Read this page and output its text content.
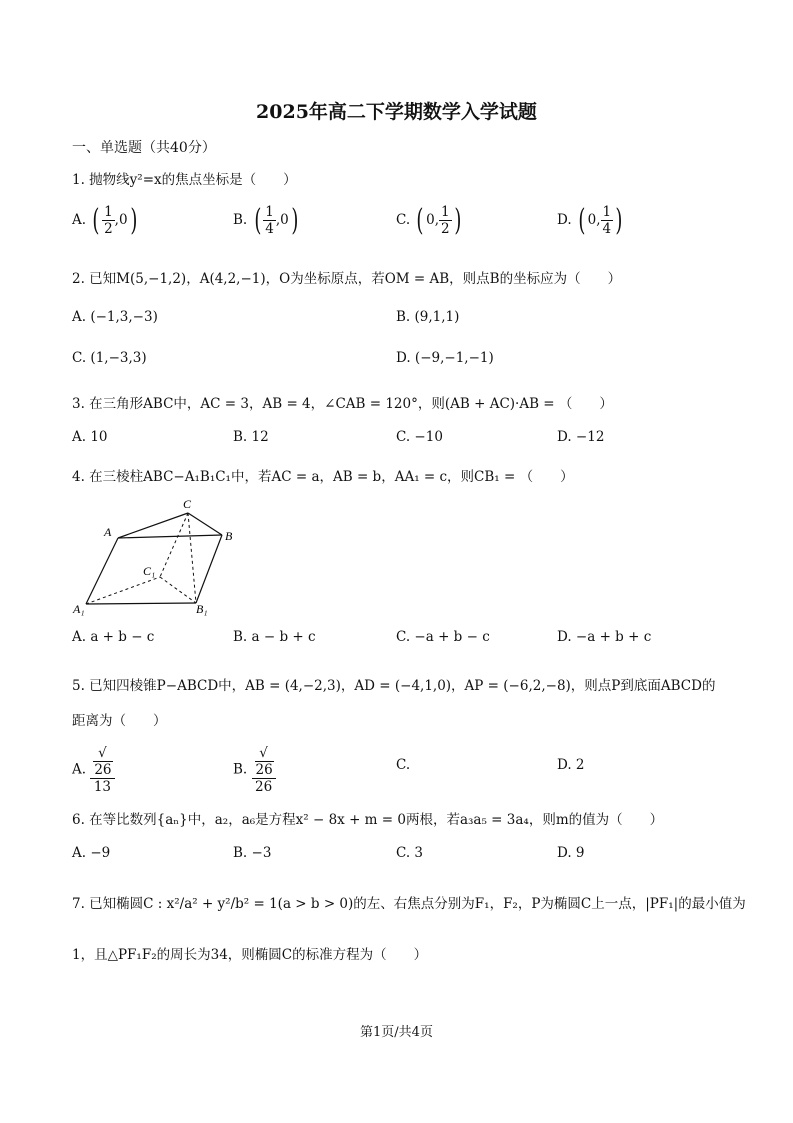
2025年高二下学期数学入学试题
一、单选题（共40分）
1. 抛物线y²=x的焦点坐标是（　　）
A. ( $\frac{1}{2} ,0$)	B. ( $\frac{1}{4} ,0$)	C. ( 0, $\frac{1}{2}$ )	D. ( 0, $\frac{1}{4}$ )
2. 已知M(5,−1,2)，A(4,2,−1)，O为坐标原点，若OM = AB，则点B的坐标应为（　　）
A. (−1,3,−3)	B. (9,1,1)
C. (1,−3,3)	D. (−9,−1,−1)
3. 在三角形ABC中，AC = 3，AB = 4，∠CAB = 120°，则(AB + AC)·AB = （　　）
A. 10	B. 12	C. −10	D. −12
4. 在三棱柱ABC−A₁B₁C₁中，若AC = a，AB = b，AA₁ = c，则CB₁ = （　　）
A
C
B
C₁
A₁	B₁
A. a + b − c	B. a − b + c	C. −a + b − c	D. −a + b + c
5. 已知四棱锥P−ABCD中，AB = (4,−2,3)，AD = (−4,1,0)，AP = (−6,2,−8)，则点P到底面ABCD的
距离为（　　）
A. √
26
13	B. √
26
26	C.	D. 2
6. 在等比数列{aₙ}中，a₂，a₆是方程x² − 8x + m = 0两根，若a₃a₅ = 3a₄，则m的值为（　　）
A. −9	B. −3	C. 3	D. 9
7. 已知椭圆C : x²/a² + y²/b² = 1(a > b > 0)的左、右焦点分别为F₁，F₂，P为椭圆C上一点，|PF₁|的最小值为
1，且△PF₁F₂的周长为34，则椭圆C的标准方程为（　　）
第1页/共4页
